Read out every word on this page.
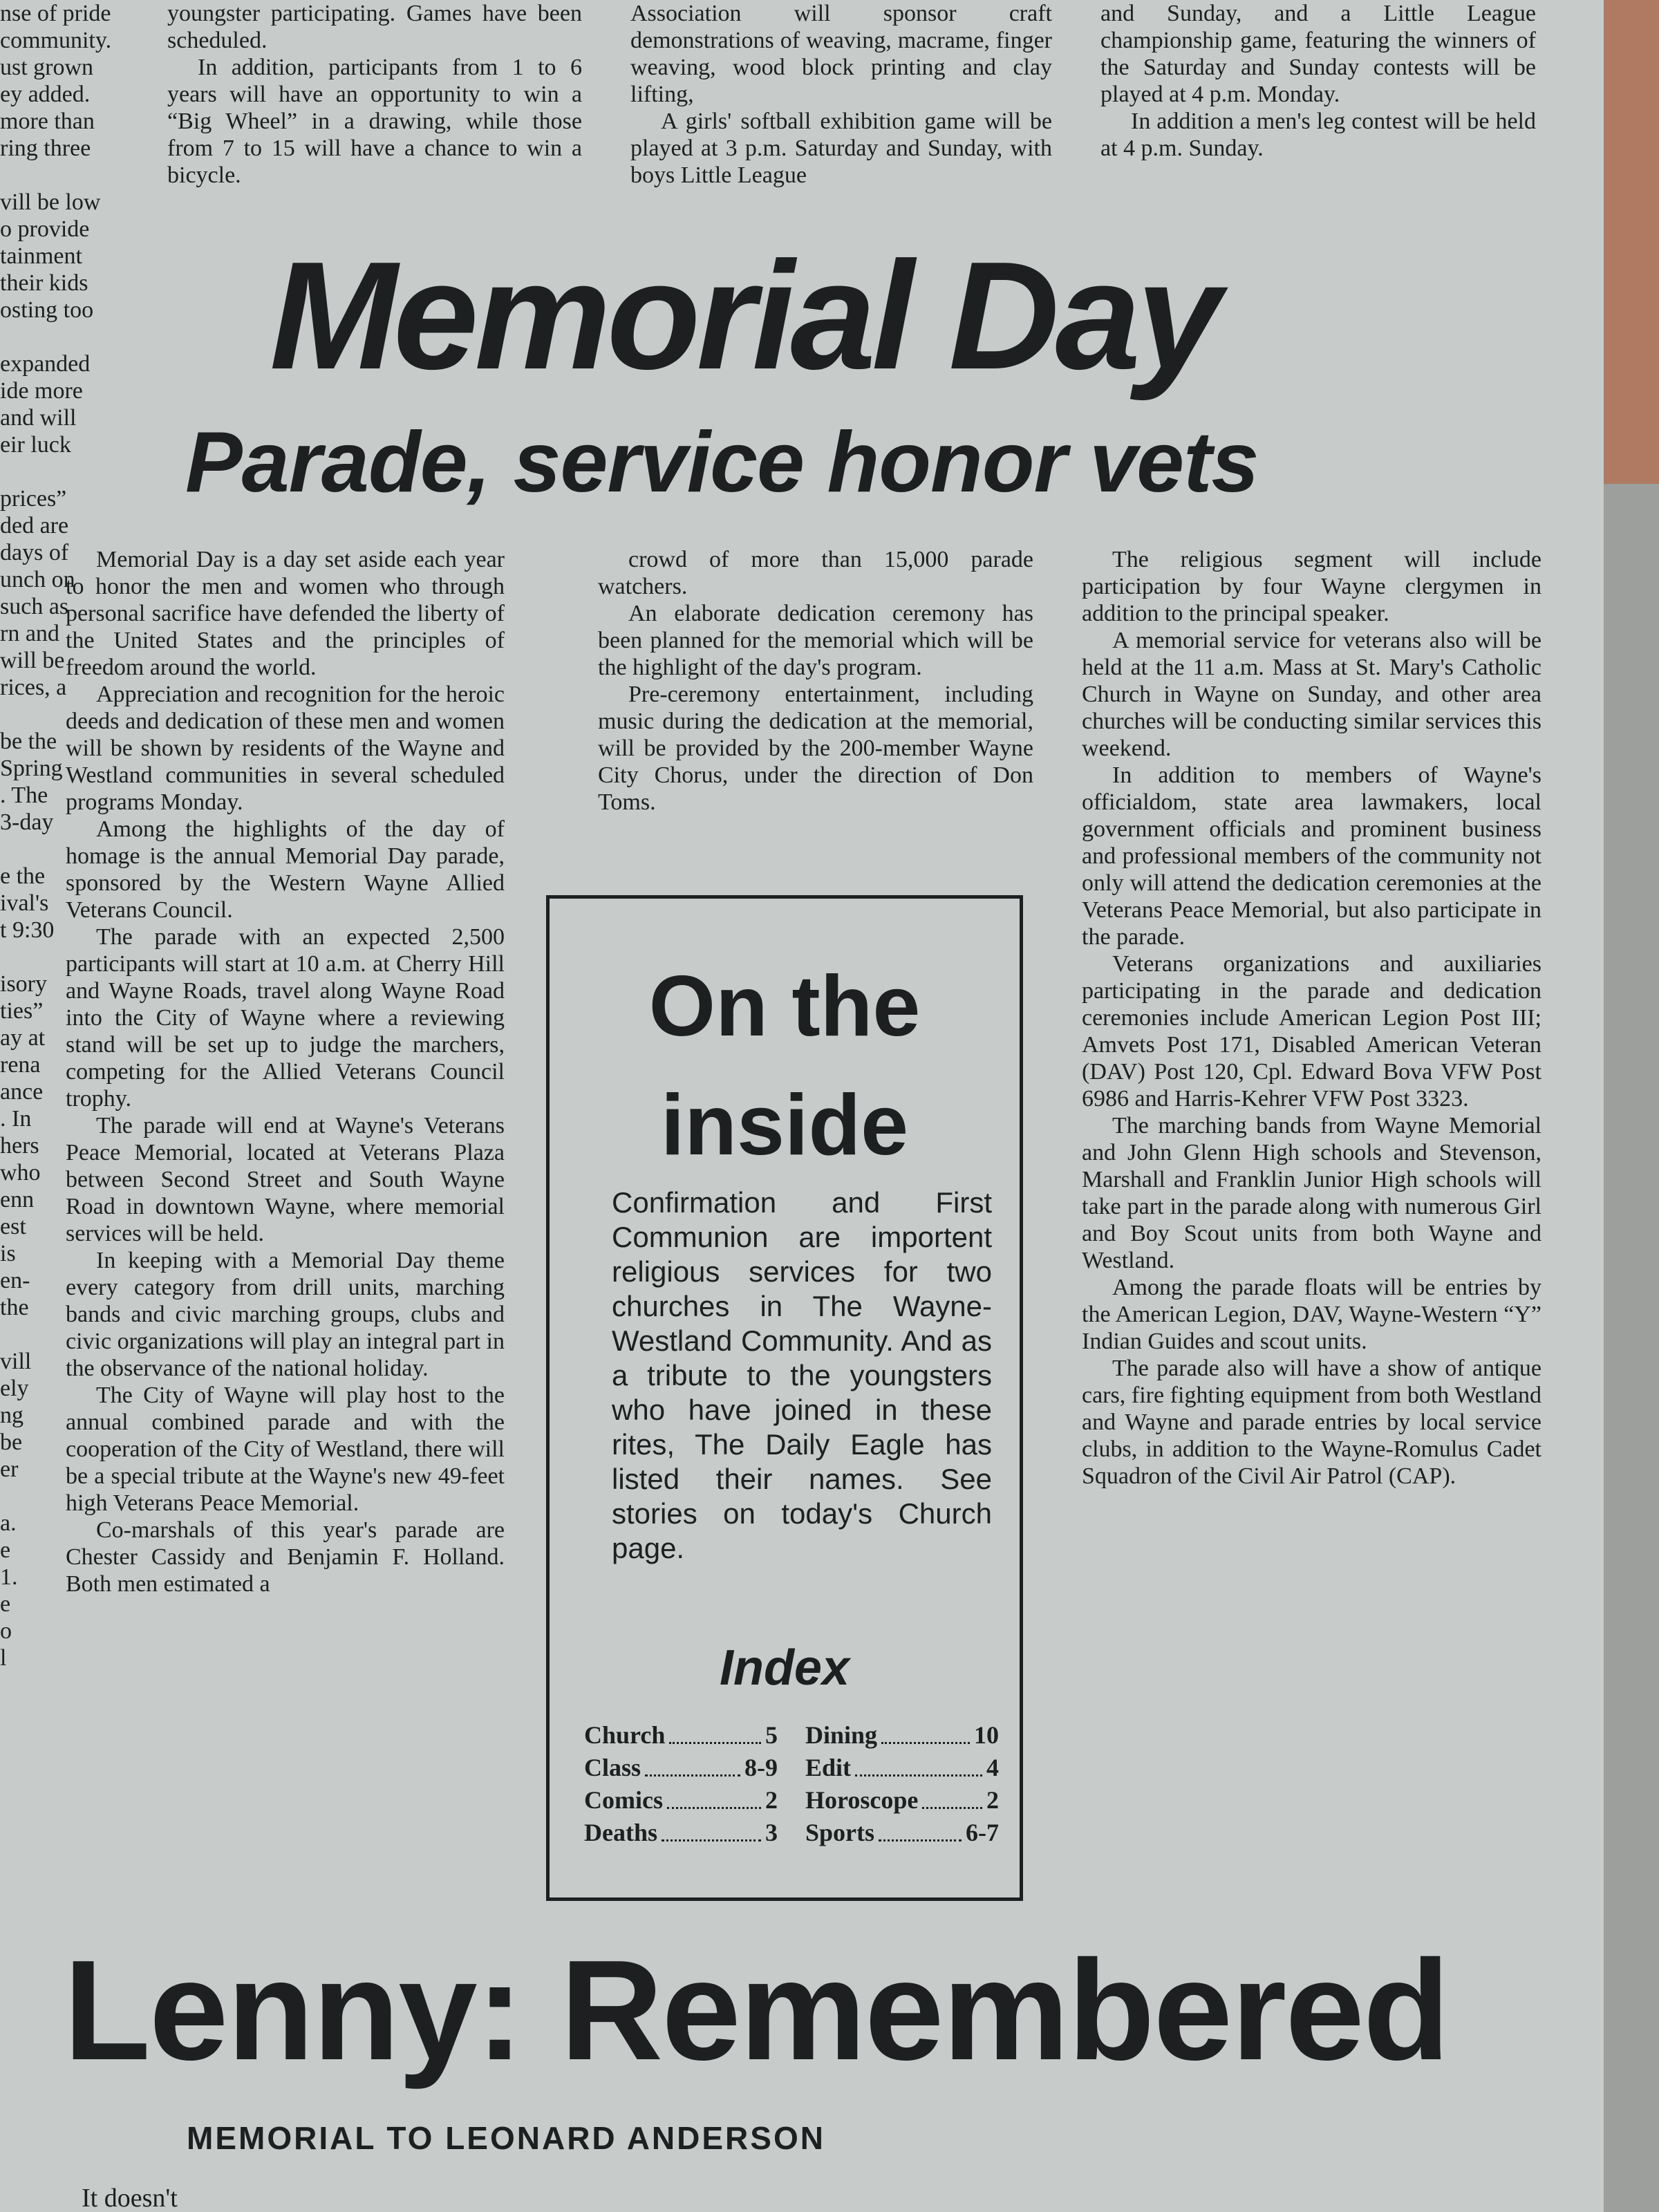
nse of pride
community.
ust grown
ey added.
more than
ring three
vill be low
o provide
tainment
their kids
osting too
expanded
ide more
and will
eir luck
prices”
ded are
days of
unch on
such as
rn and
will be
rices, a
be the
Spring
. The
3-day
e the
ival's
t 9:30
isory
ties”
ay at
rena
ance
. In
hers
who
enn
est
is
en-
the
vill
ely
ng
be
er
a.
e
1.
e
o
l

youngster participating. Games have been scheduled.

In addition, participants from 1 to 6 years will have an opportunity to win a “Big Wheel” in a drawing, while those from 7 to 15 will have a chance to win a bicycle.

Association will sponsor craft demonstrations of weaving, macrame, finger weaving, wood block printing and clay lifting,

A girls' softball exhibition game will be played at 3 p.m. Saturday and Sunday, with boys Little League

and Sunday, and a Little League championship game, featuring the winners of the Saturday and Sunday contests will be played at 4 p.m. Monday.

In addition a men's leg contest will be held at 4 p.m. Sunday.

Memorial Day
Parade, service honor vets

Memorial Day is a day set aside each year to honor the men and women who through personal sacrifice have defended the liberty of the United States and the principles of freedom around the world.

Appreciation and recognition for the heroic deeds and dedication of these men and women will be shown by residents of the Wayne and Westland communities in several scheduled programs Monday.

Among the highlights of the day of homage is the annual Memorial Day parade, sponsored by the Western Wayne Allied Veterans Council.

The parade with an expected 2,500 participants will start at 10 a.m. at Cherry Hill and Wayne Roads, travel along Wayne Road into the City of Wayne where a reviewing stand will be set up to judge the marchers, competing for the Allied Veterans Council trophy.

The parade will end at Wayne's Veterans Peace Memorial, located at Veterans Plaza between Second Street and South Wayne Road in downtown Wayne, where memorial services will be held.

In keeping with a Memorial Day theme every category from drill units, marching bands and civic marching groups, clubs and civic organizations will play an integral part in the observance of the national holiday.

The City of Wayne will play host to the annual combined parade and with the cooperation of the City of Westland, there will be a special tribute at the Wayne's new 49-feet high Veterans Peace Memorial.

Co-marshals of this year's parade are Chester Cassidy and Benjamin F. Holland. Both men estimated a

crowd of more than 15,000 parade watchers.

An elaborate dedication ceremony has been planned for the memorial which will be the highlight of the day's program.

Pre-ceremony entertainment, including music during the dedication at the memorial, will be provided by the 200-member Wayne City Chorus, under the direction of Don Toms.

The religious segment will include participation by four Wayne clergymen in addition to the principal speaker.

A memorial service for veterans also will be held at the 11 a.m. Mass at St. Mary's Catholic Church in Wayne on Sunday, and other area churches will be conducting similar services this weekend.

In addition to members of Wayne's officialdom, state area lawmakers, local government officials and prominent business and professional members of the community not only will attend the dedication ceremonies at the Veterans Peace Memorial, but also participate in the parade.

Veterans organizations and auxiliaries participating in the parade and dedication ceremonies include American Legion Post III; Amvets Post 171, Disabled American Veteran (DAV) Post 120, Cpl. Edward Bova VFW Post 6986 and Harris-Kehrer VFW Post 3323.

The marching bands from Wayne Memorial and John Glenn High schools and Stevenson, Marshall and Franklin Junior High schools will take part in the parade along with numerous Girl and Boy Scout units from both Wayne and Westland.

Among the parade floats will be entries by the American Legion, DAV, Wayne-Western “Y” Indian Guides and scout units.

The parade also will have a show of antique cars, fire fighting equipment from both Westland and Wayne and parade entries by local service clubs, in addition to the Wayne-Romulus Cadet Squadron of the Civil Air Patrol (CAP).

On the
inside
Confirmation and First Communion are importent religious services for two churches in The Wayne-Westland Community. And as a tribute to the youngsters who have joined in these rites, The Daily Eagle has listed their names. See stories on today's Church page.
Index
Church	5
Class	8-9
Comics	2
Deaths	3
Dining	10
Edit	4
Horoscope	2
Sports	6-7
Lenny: Remembered
MEMORIAL TO LEONARD ANDERSON
It doesn't
